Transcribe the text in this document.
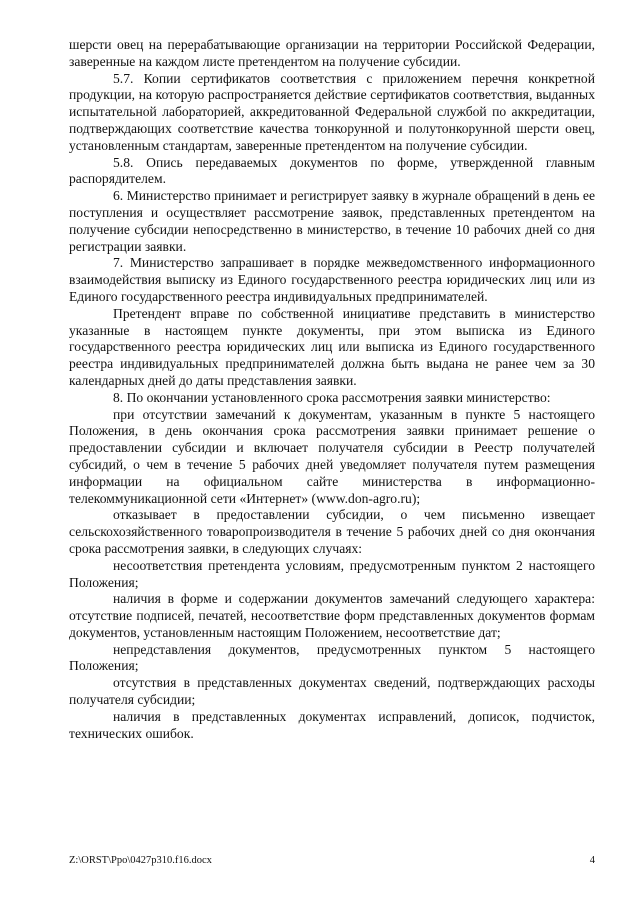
шерсти овец на перерабатывающие организации на территории Российской Федерации, заверенные на каждом листе претендентом на получение субсидии.

5.7. Копии сертификатов соответствия с приложением перечня конкретной продукции, на которую распространяется действие сертификатов соответствия, выданных испытательной лабораторией, аккредитованной Федеральной службой по аккредитации, подтверждающих соответствие качества тонкорунной и полутонкорунной шерсти овец, установленным стандартам, заверенные претендентом на получение субсидии.

5.8. Опись передаваемых документов по форме, утвержденной главным распорядителем.

6. Министерство принимает и регистрирует заявку в журнале обращений в день ее поступления и осуществляет рассмотрение заявок, представленных претендентом на получение субсидии непосредственно в министерство, в течение 10 рабочих дней со дня регистрации заявки.

7. Министерство запрашивает в порядке межведомственного информационного взаимодействия выписку из Единого государственного реестра юридических лиц или из Единого государственного реестра индивидуальных предпринимателей.

Претендент вправе по собственной инициативе представить в министерство указанные в настоящем пункте документы, при этом выписка из Единого государственного реестра юридических лиц или выписка из Единого государственного реестра индивидуальных предпринимателей должна быть выдана не ранее чем за 30 календарных дней до даты представления заявки.

8. По окончании установленного срока рассмотрения заявки министерство:

при отсутствии замечаний к документам, указанным в пункте 5 настоящего Положения, в день окончания срока рассмотрения заявки принимает решение о предоставлении субсидии и включает получателя субсидии в Реестр получателей субсидий, о чем в течение 5 рабочих дней уведомляет получателя путем размещения информации на официальном сайте министерства в информационно-телекоммуникационной сети «Интернет» (www.don-agro.ru);

отказывает в предоставлении субсидии, о чем письменно извещает сельскохозяйственного товаропроизводителя в течение 5 рабочих дней со дня окончания срока рассмотрения заявки, в следующих случаях:

несоответствия претендента условиям, предусмотренным пунктом 2 настоящего Положения;

наличия в форме и содержании документов замечаний следующего характера: отсутствие подписей, печатей, несоответствие форм представленных документов формам документов, установленным настоящим Положением, несоответствие дат;

непредставления документов, предусмотренных пунктом 5 настоящего Положения;

отсутствия в представленных документах сведений, подтверждающих расходы получателя субсидии;

наличия в представленных документах исправлений, дописок, подчисток, технических ошибок.

Z:\ORST\Ppo\0427p310.f16.docx	4
